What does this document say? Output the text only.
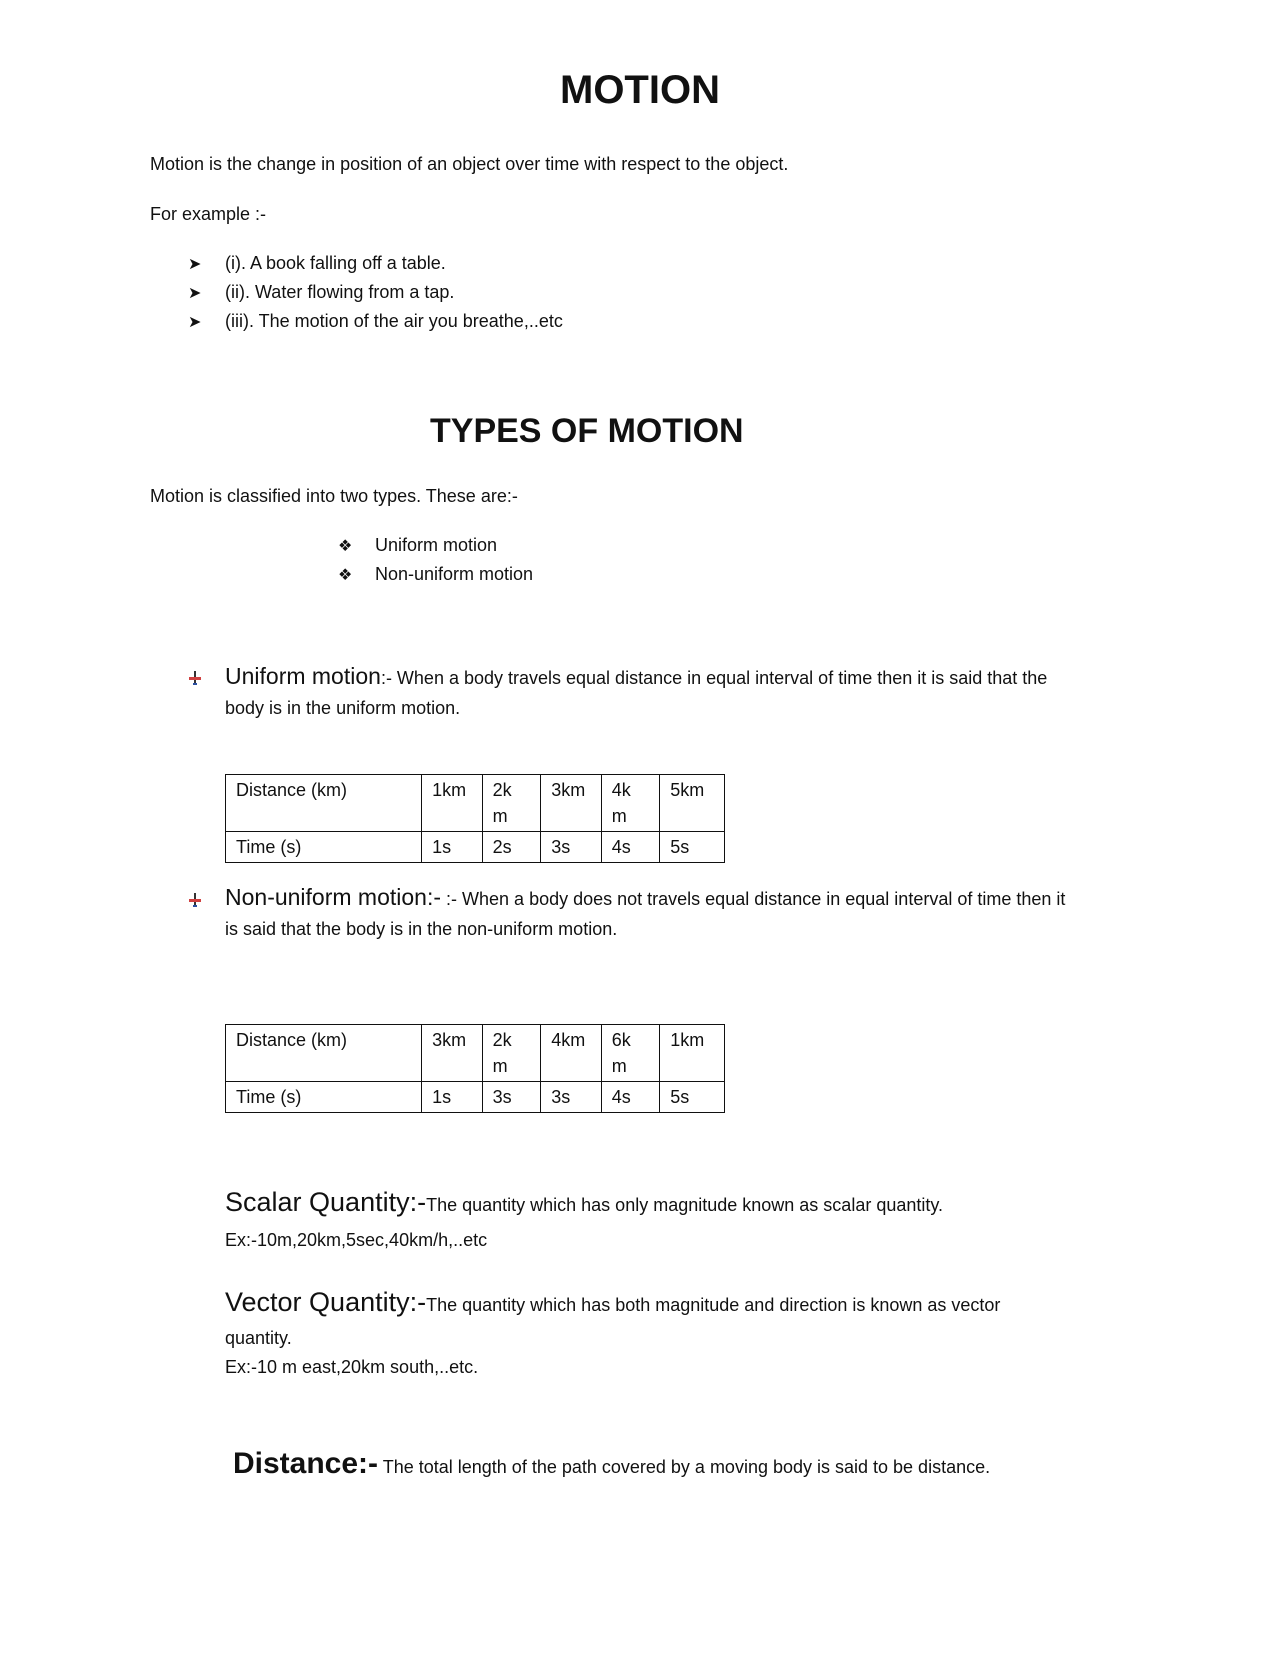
MOTION
Motion is the change in position of an object over time with respect to the object.
For example :-
➤ (i). A book falling off a table.
➤ (ii). Water flowing from a tap.
➤ (iii). The motion of the air you breathe,..etc
TYPES OF MOTION
Motion is classified into two types. These are:-
❖ Uniform motion
❖ Non-uniform motion
Uniform motion:- When a body travels equal distance in equal interval of time then it is said that the
body is in the uniform motion.
Distance (km)	1km	2k m	3km	4k m	5km
Time (s)	1s	2s	3s	4s	5s
Non-uniform motion:- :- When a body does not travels equal distance in equal interval of time then it
is said that the body is in the non-uniform motion.
Distance (km)	3km	2k m	4km	6k m	1km
Time (s)	1s	3s	3s	4s	5s
Scalar Quantity:-The quantity which has only magnitude known as scalar quantity.
Ex:-10m,20km,5sec,40km/h,..etc
Vector Quantity:-The quantity which has both magnitude and direction is known as vector
quantity.
Ex:-10 m east,20km south,..etc.
Distance:- The total length of the path covered by a moving body is said to be distance.
